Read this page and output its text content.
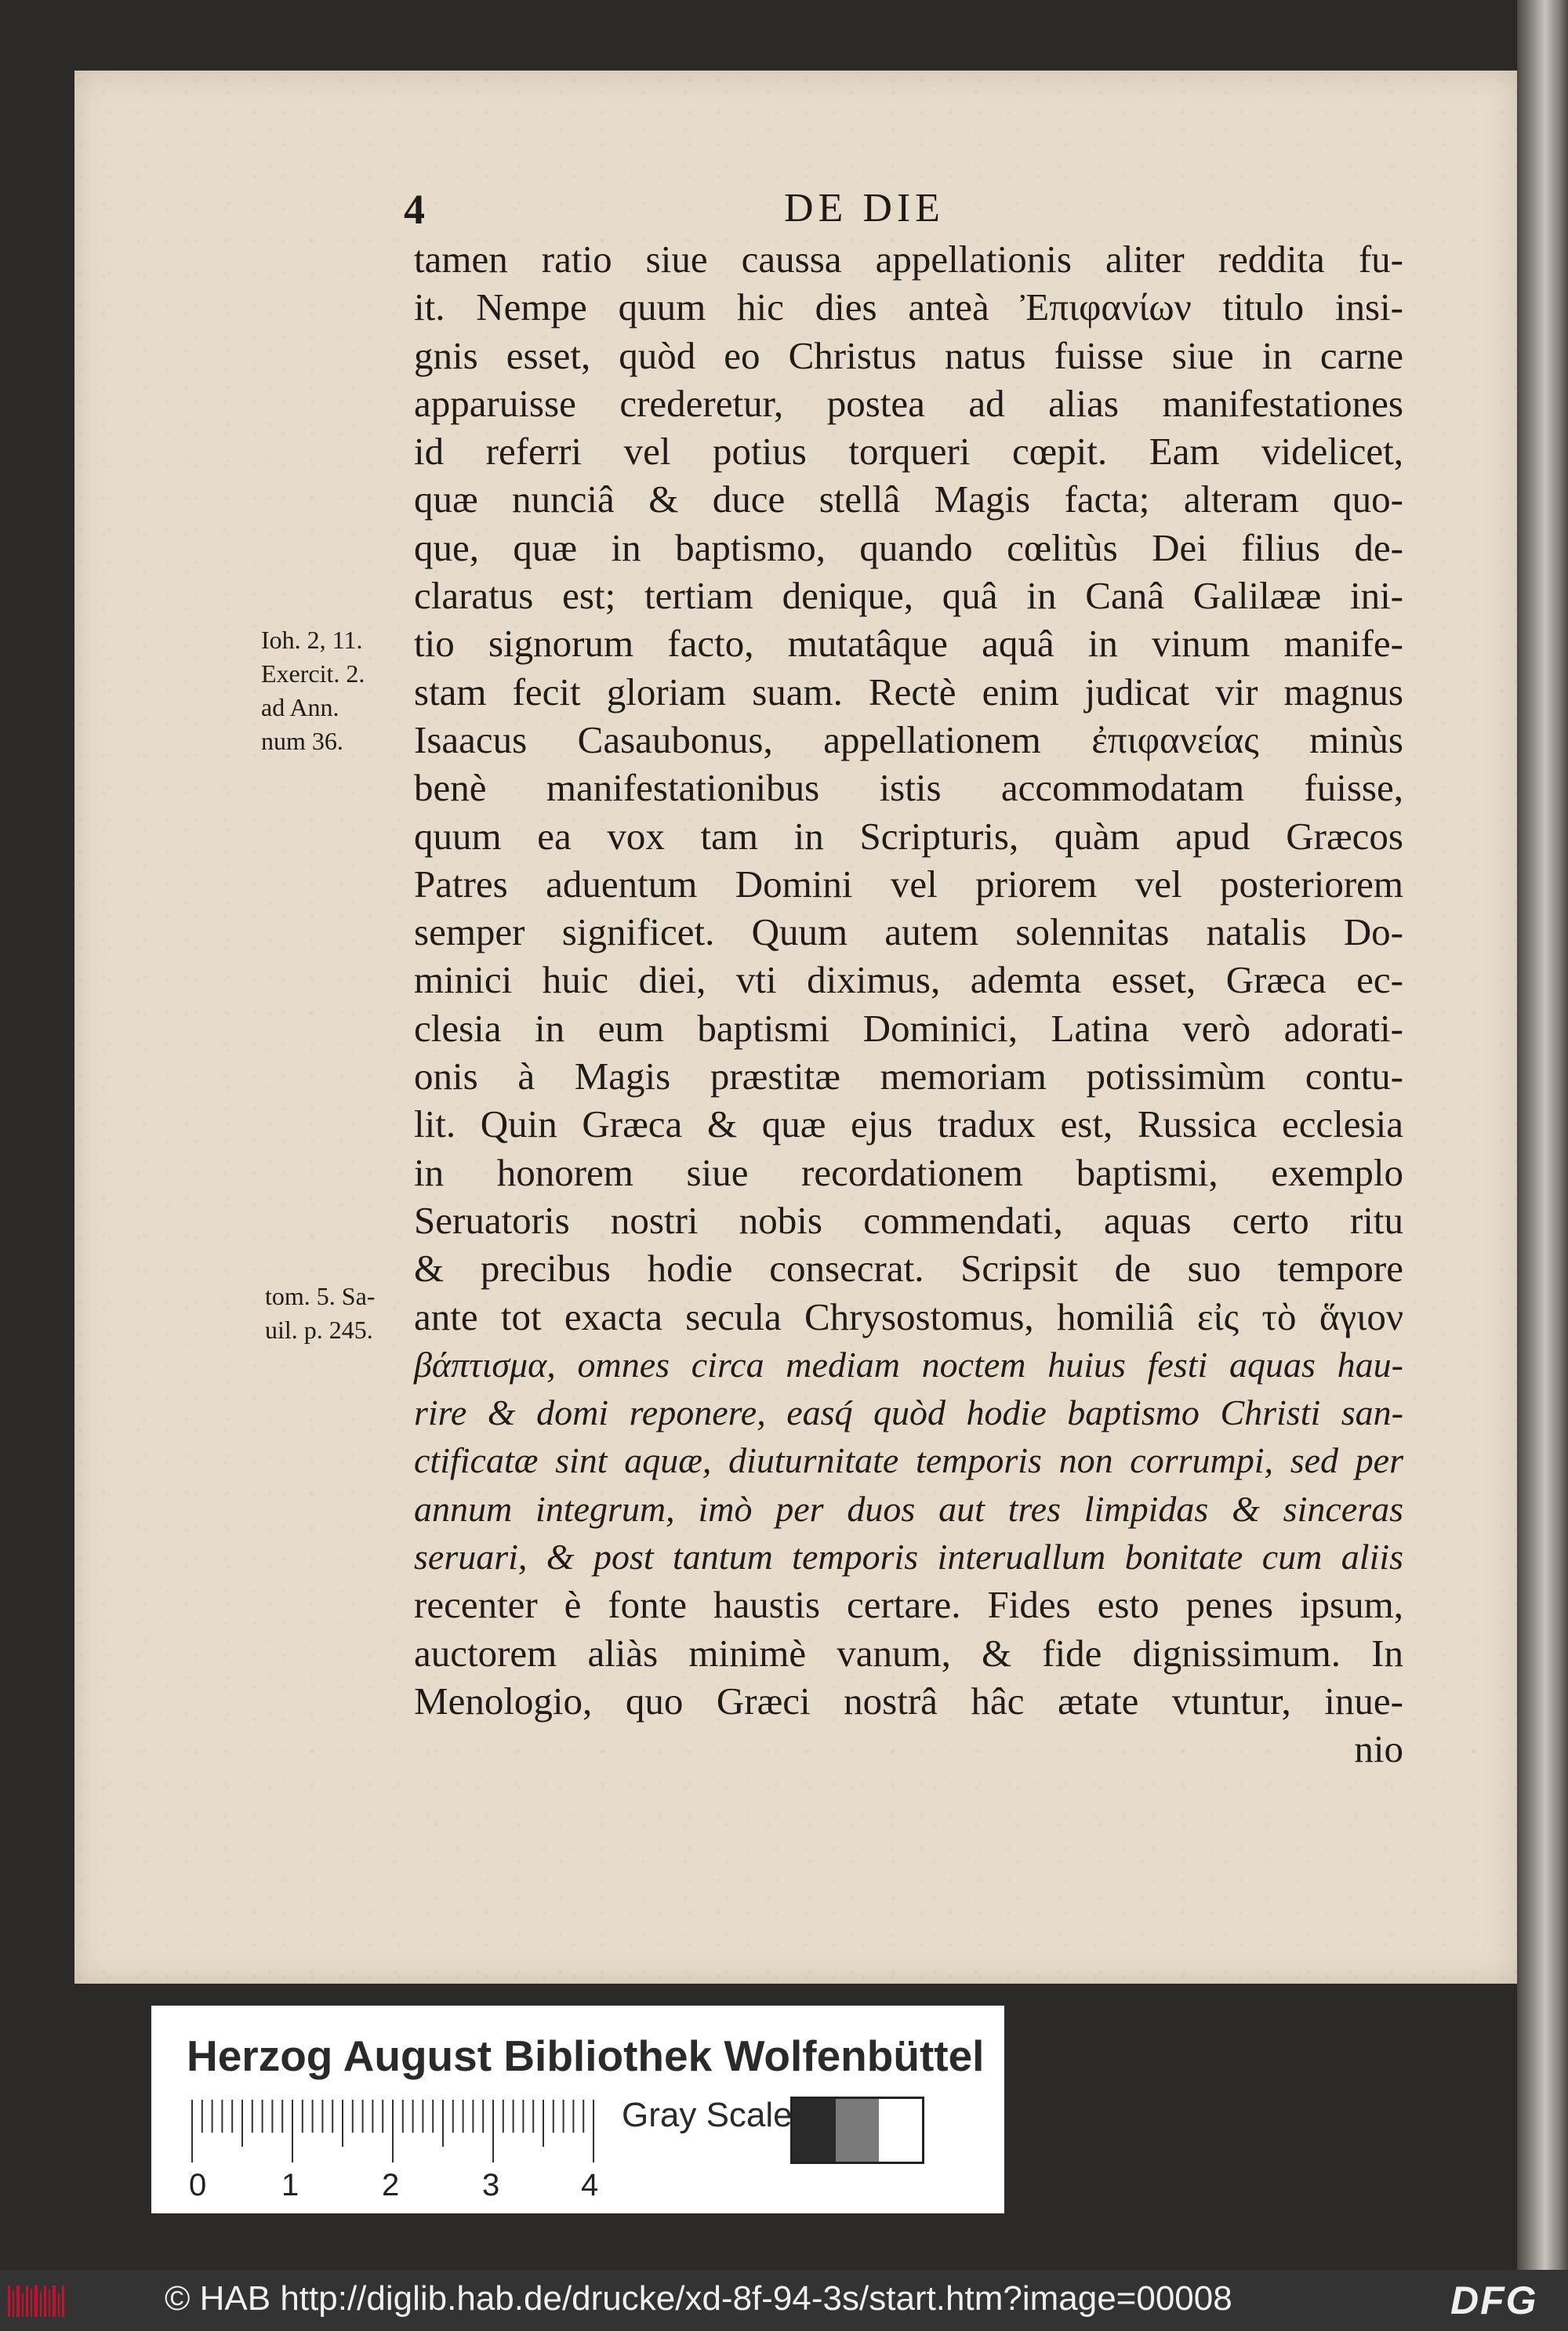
4	DE DIE
tamen ratio siue caussa appellationis aliter reddita fu-
it. Nempe quum hic dies anteà Ἐπιφανίων titulo insi-
gnis esset, quòd eo Christus natus fuisse siue in carne
apparuisse crederetur, postea ad alias manifestationes
id referri vel potius torqueri cœpit. Eam videlicet,
quæ nunciâ & duce stellâ Magis facta; alteram quo-
que, quæ in baptismo, quando cœlitùs Dei filius de-
claratus est; tertiam denique, quâ in Canâ Galilææ ini-
tio signorum facto, mutatâque aquâ in vinum manife-
stam fecit gloriam suam. Rectè enim judicat vir magnus
Isaacus Casaubonus, appellationem ἐπιφανείας minùs
benè manifestationibus istis accommodatam fuisse,
quum ea vox tam in Scripturis, quàm apud Græcos
Patres aduentum Domini vel priorem vel posteriorem
semper significet. Quum autem solennitas natalis Do-
minici huic diei, vti diximus, ademta esset, Græca ec-
clesia in eum baptismi Dominici, Latina verò adorati-
onis à Magis præstitæ memoriam potissimùm contu-
lit. Quin Græca & quæ ejus tradux est, Russica ecclesia
in honorem siue recordationem baptismi, exemplo
Seruatoris nostri nobis commendati, aquas certo ritu
& precibus hodie consecrat. Scripsit de suo tempore
ante tot exacta secula Chrysostomus, homiliâ εἰς τὸ ἅγιον
βάπτισμα, omnes circa mediam noctem huius festi aquas hau-
rire & domi reponere, easq́ quòd hodie baptismo Christi san-
ctificatæ sint aquæ, diuturnitate temporis non corrumpi, sed per
annum integrum, imò per duos aut tres limpidas & sinceras
seruari, & post tantum temporis interuallum bonitate cum aliis
recenter è fonte haustis certare. Fides esto penes ipsum,
auctorem aliàs minimè vanum, & fide dignissimum. In
Menologio, quo Græci nostrâ hâc ætate vtuntur, inue-
nio
Ioh. 2, 11.
Exercit. 2.
ad Ann.
num 36.
tom. 5. Sa-
uil. p. 245.
Herzog August Bibliothek Wolfenbüttel
0 1	2	3	4
Gray Scale
© HAB http://diglib.hab.de/drucke/xd-8f-94-3s/start.htm?image=00008	DFG
